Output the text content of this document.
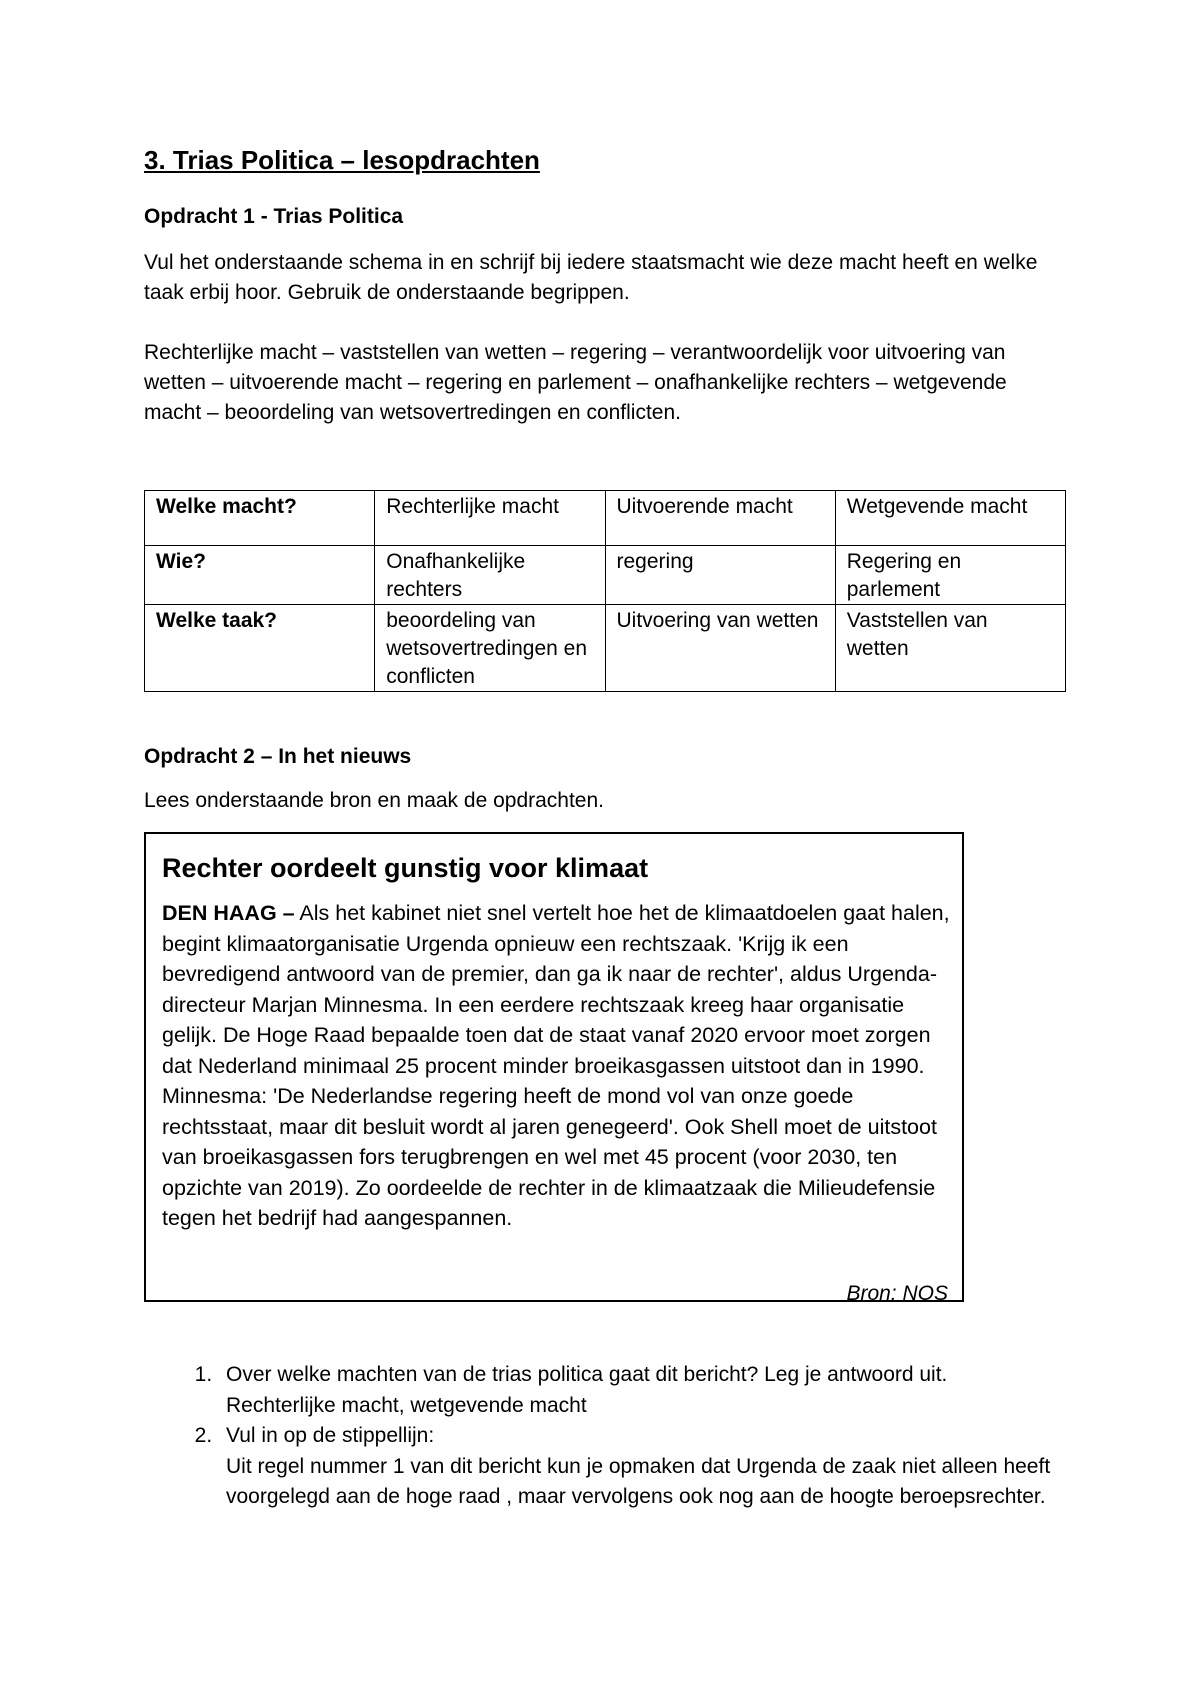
3. Trias Politica – lesopdrachten
Opdracht 1 - Trias Politica

Vul het onderstaande schema in en schrijf bij iedere staatsmacht wie deze macht heeft en welke taak erbij hoor. Gebruik de onderstaande begrippen.

Rechterlijke macht – vaststellen van wetten – regering – verantwoordelijk voor uitvoering van wetten – uitvoerende macht – regering en parlement – onafhankelijke rechters – wetgevende macht – beoordeling van wetsovertredingen en conflicten.

Welke macht?	Rechterlijke macht	Uitvoerende macht	Wetgevende macht
Wie?	Onafhankelijke rechters	regering	Regering en parlement
Welke taak?	beoordeling van wetsovertredingen en conflicten	Uitvoering van wetten	Vaststellen van wetten
Opdracht 2 – In het nieuws

Lees onderstaande bron en maak de opdrachten.

Rechter oordeelt gunstig voor klimaat

DEN HAAG – Als het kabinet niet snel vertelt hoe het de klimaatdoelen gaat halen, begint klimaatorganisatie Urgenda opnieuw een rechtszaak. 'Krijg ik een bevredigend antwoord van de premier, dan ga ik naar de rechter', aldus Urgenda-directeur Marjan Minnesma. In een eerdere rechtszaak kreeg haar organisatie gelijk. De Hoge Raad bepaalde toen dat de staat vanaf 2020 ervoor moet zorgen dat Nederland minimaal 25 procent minder broeikasgassen uitstoot dan in 1990. Minnesma: 'De Nederlandse regering heeft de mond vol van onze goede rechtsstaat, maar dit besluit wordt al jaren genegeerd'. Ook Shell moet de uitstoot van broeikasgassen fors terugbrengen en wel met 45 procent (voor 2030, ten opzichte van 2019). Zo oordeelde de rechter in de klimaatzaak die Milieudefensie tegen het bedrijf had aangespannen.

Bron: NOS
1. Over welke machten van de trias politica gaat dit bericht? Leg je antwoord uit.
Rechterlijke macht, wetgevende macht
2. Vul in op de stippellijn:
Uit regel nummer 1 van dit bericht kun je opmaken dat Urgenda de zaak niet alleen heeft voorgelegd aan de hoge raad , maar vervolgens ook nog aan de hoogte beroepsrechter.
